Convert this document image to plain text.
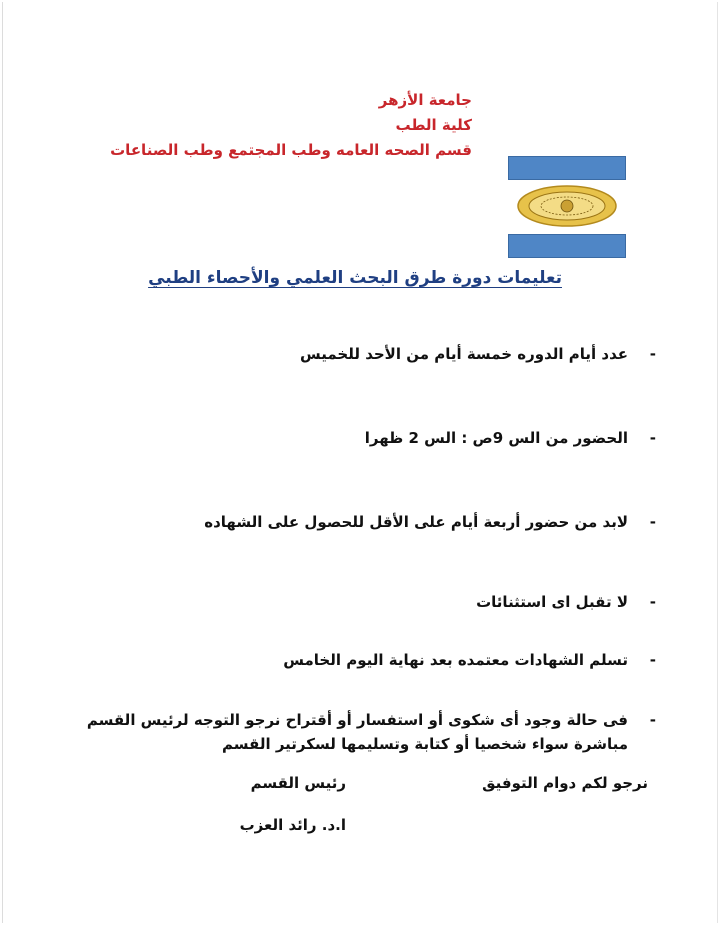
جامعة الأزهر
كلية الطب
قسم الصحه العامه وطب المجتمع وطب الصناعات
تعليمات دورة طرق البحث العلمي والأحصاء الطبي
-
عدد أيام الدوره خمسة أيام من الأحد للخميس
-
الحضور من الس 9ص : الس 2 ظهرا
-
لابد من حضور أربعة أيام على الأقل للحصول على الشهاده
-
لا تقبل اى استثنائات
-
تسلم الشهادات معتمده بعد نهاية اليوم الخامس
-
فى حالة وجود أى شكوى أو استفسار أو أقتراح نرجو التوجه لرئيس القسم
مباشرة سواء شخصيا أو كتابة وتسليمها لسكرتير القسم
نرجو لكم دوام التوفيق
رئيس القسم
ا.د. رائد العزب
